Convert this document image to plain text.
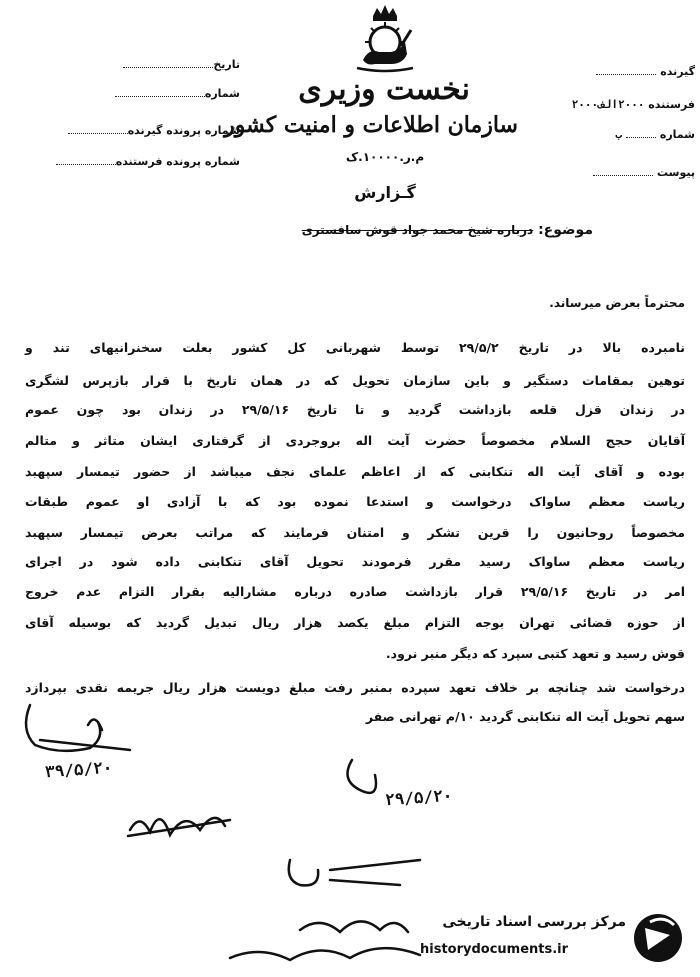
نخست وزیری
سازمان اطلاعات و امنیت کشور
م.ر.۱۰۰۰۰.ک
گـزارش
تاریخ
شماره
شماره پرونده گیرنده
شماره پرونده فرستنده
گیرنده
فرستنده ۲۰۰۰الف۲۰۰۰
شماره ب
پیوست
موضوع: درباره شیخ محمد جواد قوش سافستری
محترماً بعرض میرساند.
نامبرده بالا در تاریخ ۲۹/۵/۲ توسط شهربانی کل کشور بعلت سخنرانیهای تند و
توهین بمقامات دستگیر و باین سازمان تحویل که در همان تاریخ با قرار بازپرس لشگری
در زندان قزل قلعه بازداشت گردید و تا تاریخ ۲۹/۵/۱۶ در زندان بود چون عموم
آقایان حجج السلام مخصوصاً حضرت آیت اله بروجردی از گرفتاری ایشان متاثر و متالم
بوده و آقای آیت اله تنکابنی که از اعاظم علمای نجف میباشد از حضور تیمسار سپهبد
ریاست معظم ساواک درخواست و استدعا نموده بود که با آزادی او عموم طبقات
مخصوصاً روحانیون را قرین تشکر و امتنان فرمایند که مراتب بعرض تیمسار سپهبد
ریاست معظم ساواک رسید مقرر فرمودند تحویل آقای تنکابنی داده شود در اجرای
امر در تاریخ ۲۹/۵/۱۶ قرار بازداشت صادره درباره مشارالیه بقرار التزام عدم خروج
از حوزه قضائی تهران بوجه التزام مبلغ یکصد هزار ریال تبدیل گردید که بوسیله آقای
قوش رسید و تعهد کتبی سپرد که دیگر منبر نرود.
درخواست شد چنانچه بر خلاف تعهد سپرده بمنبر رفت مبلغ دویست هزار ریال جریمه نقدی بپردازد
سهم تحویل آیت اله تنکابنی گردید ۱۰/م تهرانی صفر
۳۹/۵/۲۰
۲۹/۵/۲۰
مرکز بررسی اسناد تاریخی
historydocuments.ir
